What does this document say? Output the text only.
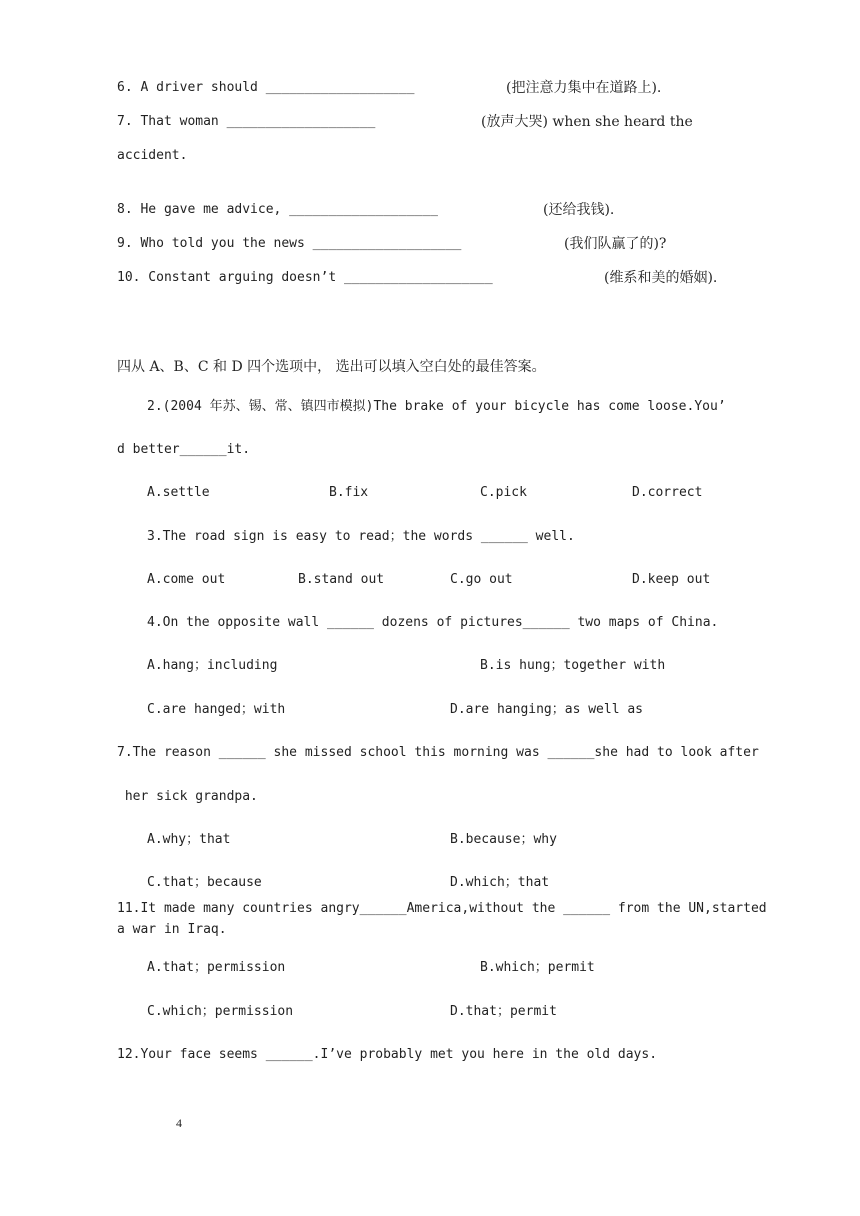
6. A driver should ___________________	(把注意力集中在道路上).
7. That woman ___________________	(放声大哭) when she heard the
accident.
8. He gave me advice, ___________________	(还给我钱).
9. Who told you the news ___________________	(我们队赢了的)?
10. Constant arguing doesn’t ___________________	(维系和美的婚姻).
四从 A、B、C 和 D 四个选项中， 选出可以填入空白处的最佳答案。
2.(2004 年苏、锡、常、镇四市模拟)The brake of your bicycle has come loose.You’
d better______it.
A.settle	B.fix	C.pick	D.correct
3.The road sign is easy to read；the words ______ well.
A.come out	B.stand out	C.go out	D.keep out
4.On the opposite wall ______ dozens of pictures______ two maps of China.
A.hang；including	B.is hung；together with
C.are hanged；with	D.are hanging；as well as
7.The reason ______ she missed school this morning was ______she had to look after
her sick grandpa.
A.why；that	B.because；why
C.that；because	D.which；that
11.It made many countries angry______America,without the ______ from the UN,started
a war in Iraq.
A.that；permission	B.which；permit
C.which；permission	D.that；permit
12.Your face seems ______.I’ve probably met you here in the old days.
4
